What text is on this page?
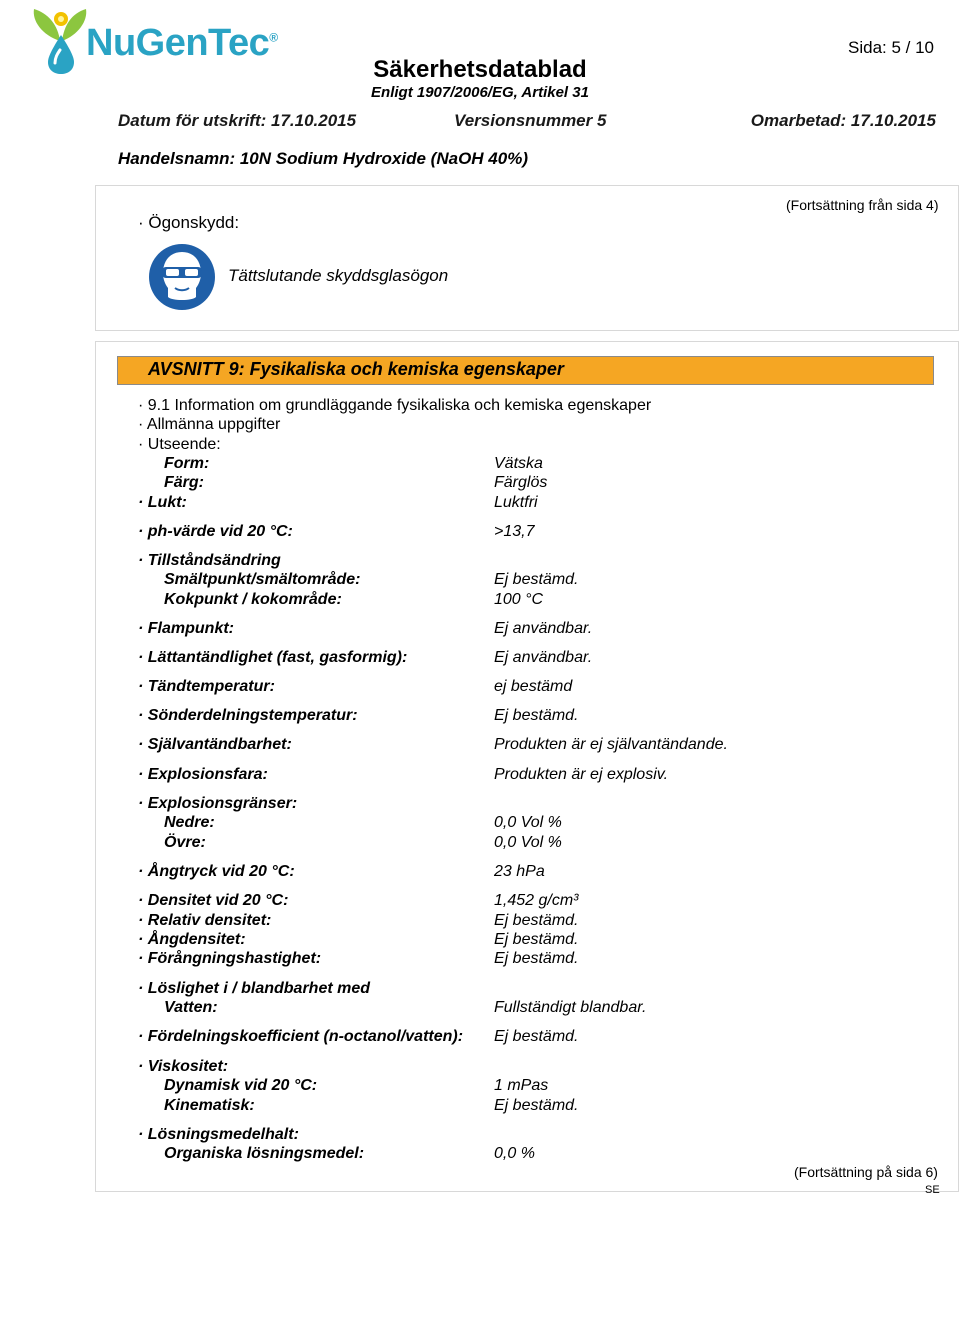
NuGenTec®
Sida: 5 / 10
Säkerhetsdatablad
Enligt 1907/2006/EG, Artikel 31
Datum för utskrift: 17.10.2015	Versionsnummer 5	Omarbetad: 17.10.2015
Handelsnamn: 10N Sodium Hydroxide (NaOH 40%)
· Ögonskydd:
(Fortsättning från sida 4)
Tättslutande skyddsglasögon
AVSNITT 9: Fysikaliska och kemiska egenskaper
· 9.1 Information om grundläggande fysikaliska och kemiska egenskaper
· Allmänna uppgifter
· Utseende:
Form:	Vätska
Färg:	Färglös
· Lukt:	Luktfri
· ph-värde vid 20 °C:	>13,7
· Tillståndsändring
Smältpunkt/smältområde:	Ej bestämd.
Kokpunkt / kokområde:	100 °C
· Flampunkt:	Ej användbar.
· Lättantändlighet (fast, gasformig):	Ej användbar.
· Tändtemperatur:	ej bestämd
· Sönderdelningstemperatur:	Ej bestämd.
· Självantändbarhet:	Produkten är ej självantändande.
· Explosionsfara:	Produkten är ej explosiv.
· Explosionsgränser:
Nedre:	0,0 Vol %
Övre:	0,0 Vol %
· Ångtryck vid 20 °C:	23 hPa
· Densitet vid 20 °C:	1,452 g/cm³
· Relativ densitet:	Ej bestämd.
· Ångdensitet:	Ej bestämd.
· Förångningshastighet:	Ej bestämd.
· Löslighet i / blandbarhet med
Vatten:	Fullständigt blandbar.
· Fördelningskoefficient (n-octanol/vatten): Ej bestämd.
· Viskositet:
Dynamisk vid 20 °C:	1 mPas
Kinematisk:	Ej bestämd.
· Lösningsmedelhalt:
Organiska lösningsmedel:	0,0 %
(Fortsättning på sida 6)
SE
